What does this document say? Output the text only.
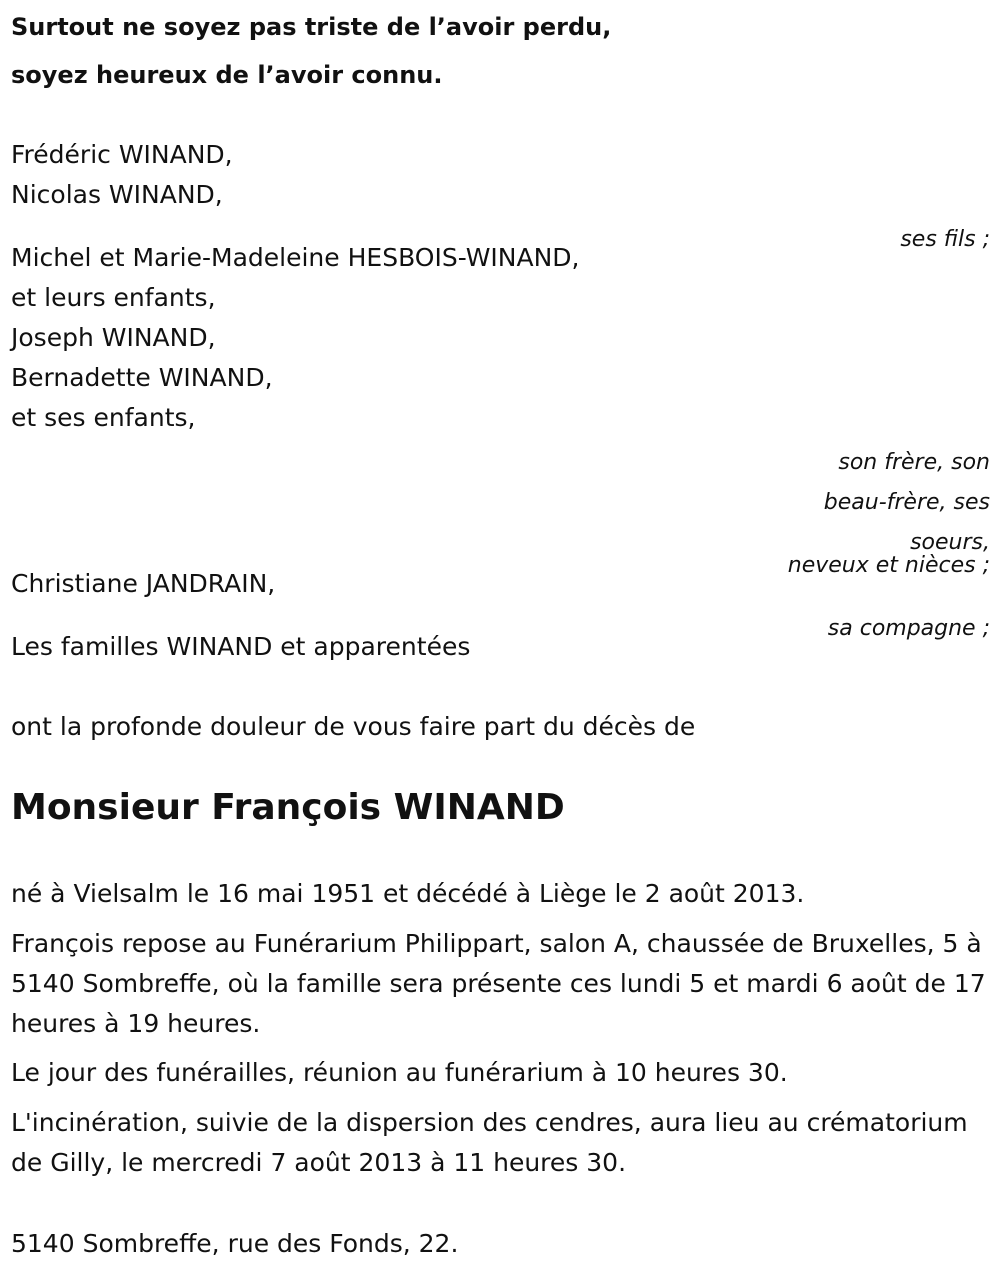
Surtout ne soyez pas triste de l’avoir perdu,

soyez heureux de l’avoir connu.

Frédéric WINAND,

Nicolas WINAND,

ses fils ;

Michel et Marie-Madeleine HESBOIS-WINAND,

et leurs enfants,

Joseph WINAND,

Bernadette WINAND,

et ses enfants,

son frère, son

beau-frère, ses

soeurs,

neveux et nièces ;

Christiane JANDRAIN,

sa compagne ;

Les familles WINAND et apparentées

ont la profonde douleur de vous faire part du décès de

Monsieur François WINAND

né à Vielsalm le 16 mai 1951 et décédé à Liège le 2 août 2013.

François repose au Funérarium Philippart, salon A, chaussée de Bruxelles, 5 à 5140 Sombreffe, où la famille sera présente ces lundi 5 et mardi 6 août de 17 heures à 19 heures.

Le jour des funérailles, réunion au funérarium à 10 heures 30.

L'incinération, suivie de la dispersion des cendres, aura lieu au crématorium de Gilly, le mercredi 7 août 2013 à 11 heures 30.

5140 Sombreffe, rue des Fonds, 22.
